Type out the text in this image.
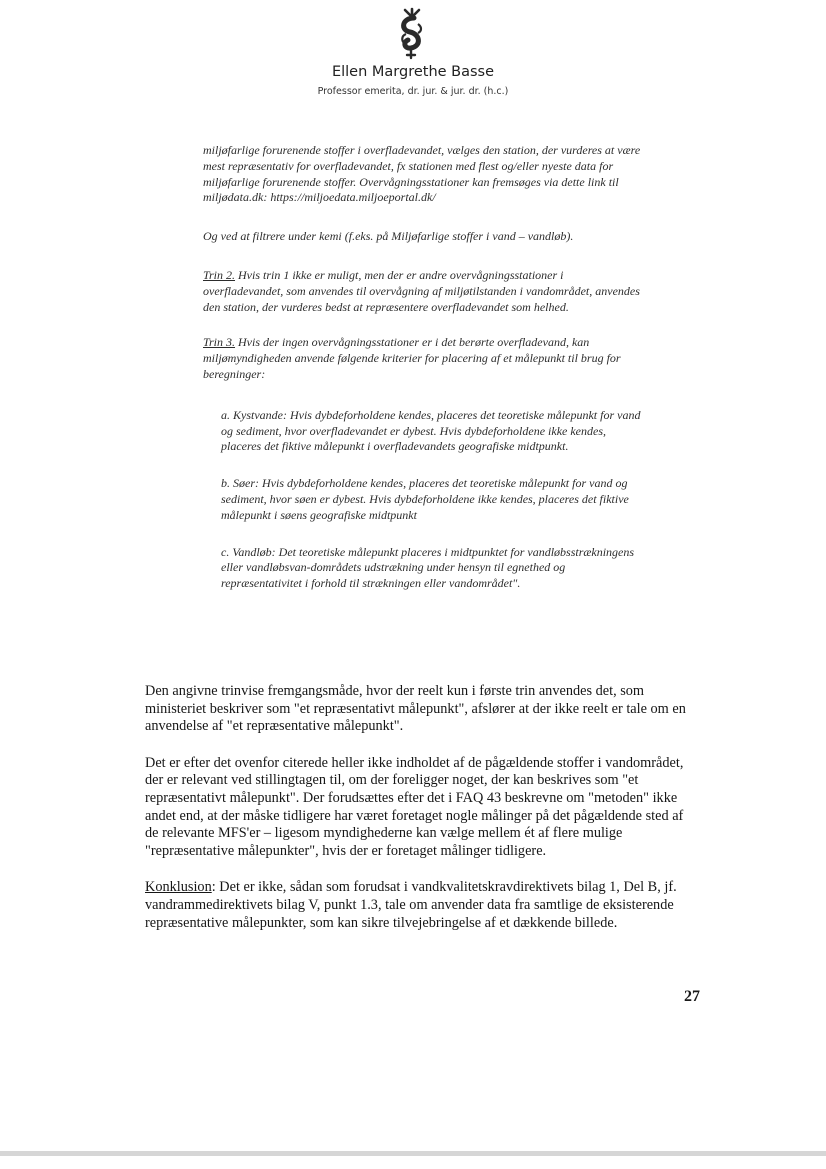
Ellen Margrethe Basse
Professor emerita, dr. jur. & jur. dr. (h.c.)

miljøfarlige forurenende stoffer i overfladevandet, vælges den station, der vurderes at være mest repræsentativ for overfladevandet, fx stationen med flest og/eller nyeste data for miljøfarlige forurenende stoffer. Overvågningsstationer kan fremsøges via dette link til miljødata.dk: https://miljoedata.miljoeportal.dk/

Og ved at filtrere under kemi (f.eks. på Miljøfarlige stoffer i vand – vandløb).

Trin 2. Hvis trin 1 ikke er muligt, men der er andre overvågningsstationer i overfladevandet, som anvendes til overvågning af miljøtilstanden i vandområdet, anvendes den station, der vurderes bedst at repræsentere overfladevandet som helhed.

Trin 3. Hvis der ingen overvågningsstationer er i det berørte overfladevand, kan miljømyndigheden anvende følgende kriterier for placering af et målepunkt til brug for beregninger:

a. Kystvande: Hvis dybdeforholdene kendes, placeres det teoretiske målepunkt for vand og sediment, hvor overfladevandet er dybest. Hvis dybdeforholdene ikke kendes, placeres det fiktive målepunkt i overfladevandets geografiske midtpunkt.

b. Søer: Hvis dybdeforholdene kendes, placeres det teoretiske målepunkt for vand og sediment, hvor søen er dybest. Hvis dybdeforholdene ikke kendes, placeres det fiktive målepunkt i søens geografiske midtpunkt

c. Vandløb: Det teoretiske målepunkt placeres i midtpunktet for vandløbsstrækningens eller vandløbsvan-dområdets udstrækning under hensyn til egnethed og repræsentativitet i forhold til strækningen eller vandområdet".

Den angivne trinvise fremgangsmåde, hvor der reelt kun i første trin anvendes det, som ministeriet beskriver som "et repræsentativt målepunkt", afslører at der ikke reelt er tale om en anvendelse af "et repræsentative målepunkt".

Det er efter det ovenfor citerede heller ikke indholdet af de pågældende stoffer i vandområdet, der er relevant ved stillingtagen til, om der foreligger noget, der kan beskrives som "et repræsentativt målepunkt". Der forudsættes efter det i FAQ 43 beskrevne om "metoden" ikke andet end, at der måske tidligere har været foretaget nogle målinger på det pågældende sted af de relevante MFS'er – ligesom myndighederne kan vælge mellem ét af flere mulige "repræsentative målepunkter", hvis der er foretaget målinger tidligere.

Konklusion: Det er ikke, sådan som forudsat i vandkvalitetskravdirektivets bilag 1, Del B, jf. vandrammedirektivets bilag V, punkt 1.3, tale om anvender data fra samtlige de eksisterende repræsentative målepunkter, som kan sikre tilvejebringelse af et dækkende billede.

27
